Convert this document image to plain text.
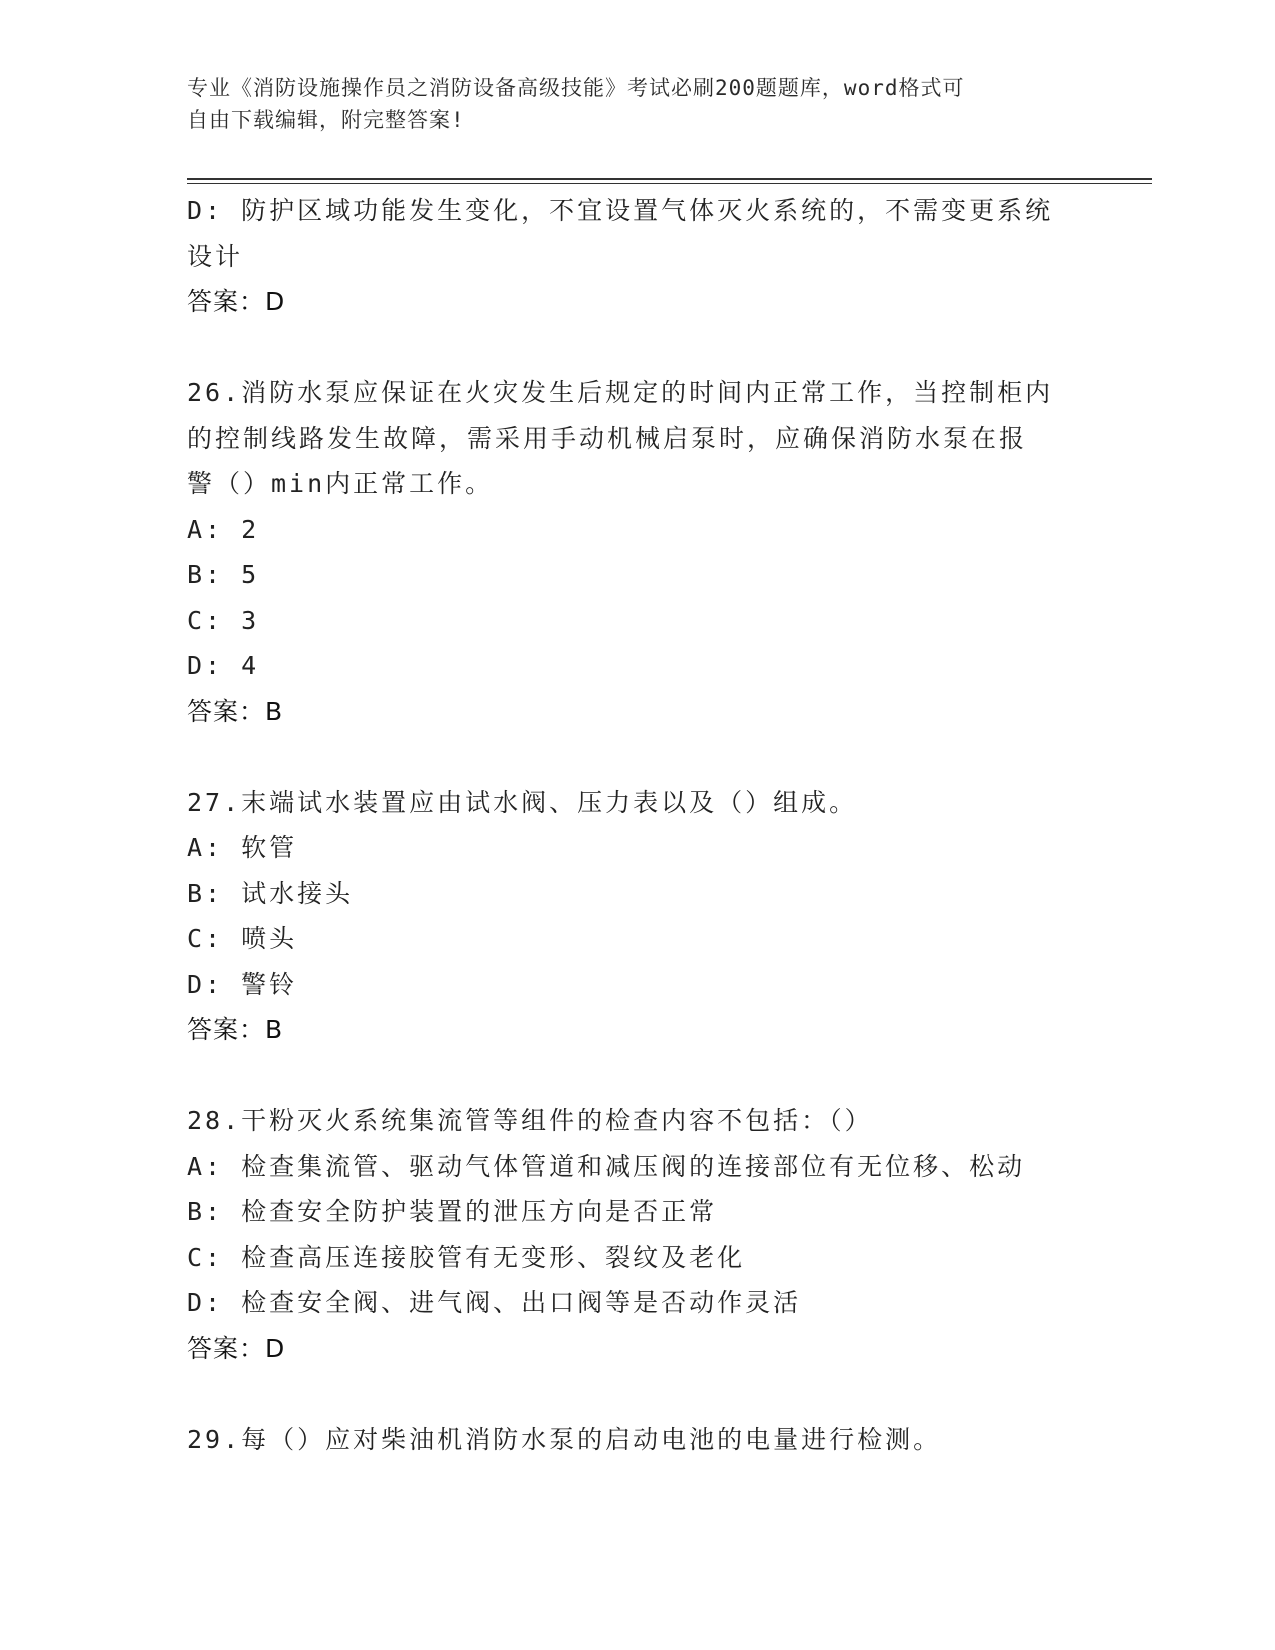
专业《消防设施操作员之消防设备高级技能》考试必刷200题题库，word格式可
自由下载编辑，附完整答案!
D: 防护区域功能发生变化，不宜设置气体灭火系统的，不需变更系统
设计
答案：D
26.消防水泵应保证在火灾发生后规定的时间内正常工作，当控制柜内
的控制线路发生故障，需采用手动机械启泵时，应确保消防水泵在报
警（）min内正常工作。
A: 2
B: 5
C: 3
D: 4
答案：B
27.末端试水装置应由试水阀、压力表以及（）组成。
A: 软管
B: 试水接头
C: 喷头
D: 警铃
答案：B
28.干粉灭火系统集流管等组件的检查内容不包括：（）
A: 检查集流管、驱动气体管道和减压阀的连接部位有无位移、松动
B: 检查安全防护装置的泄压方向是否正常
C: 检查高压连接胶管有无变形、裂纹及老化
D: 检查安全阀、进气阀、出口阀等是否动作灵活
答案：D
29.每（）应对柴油机消防水泵的启动电池的电量进行检测。
